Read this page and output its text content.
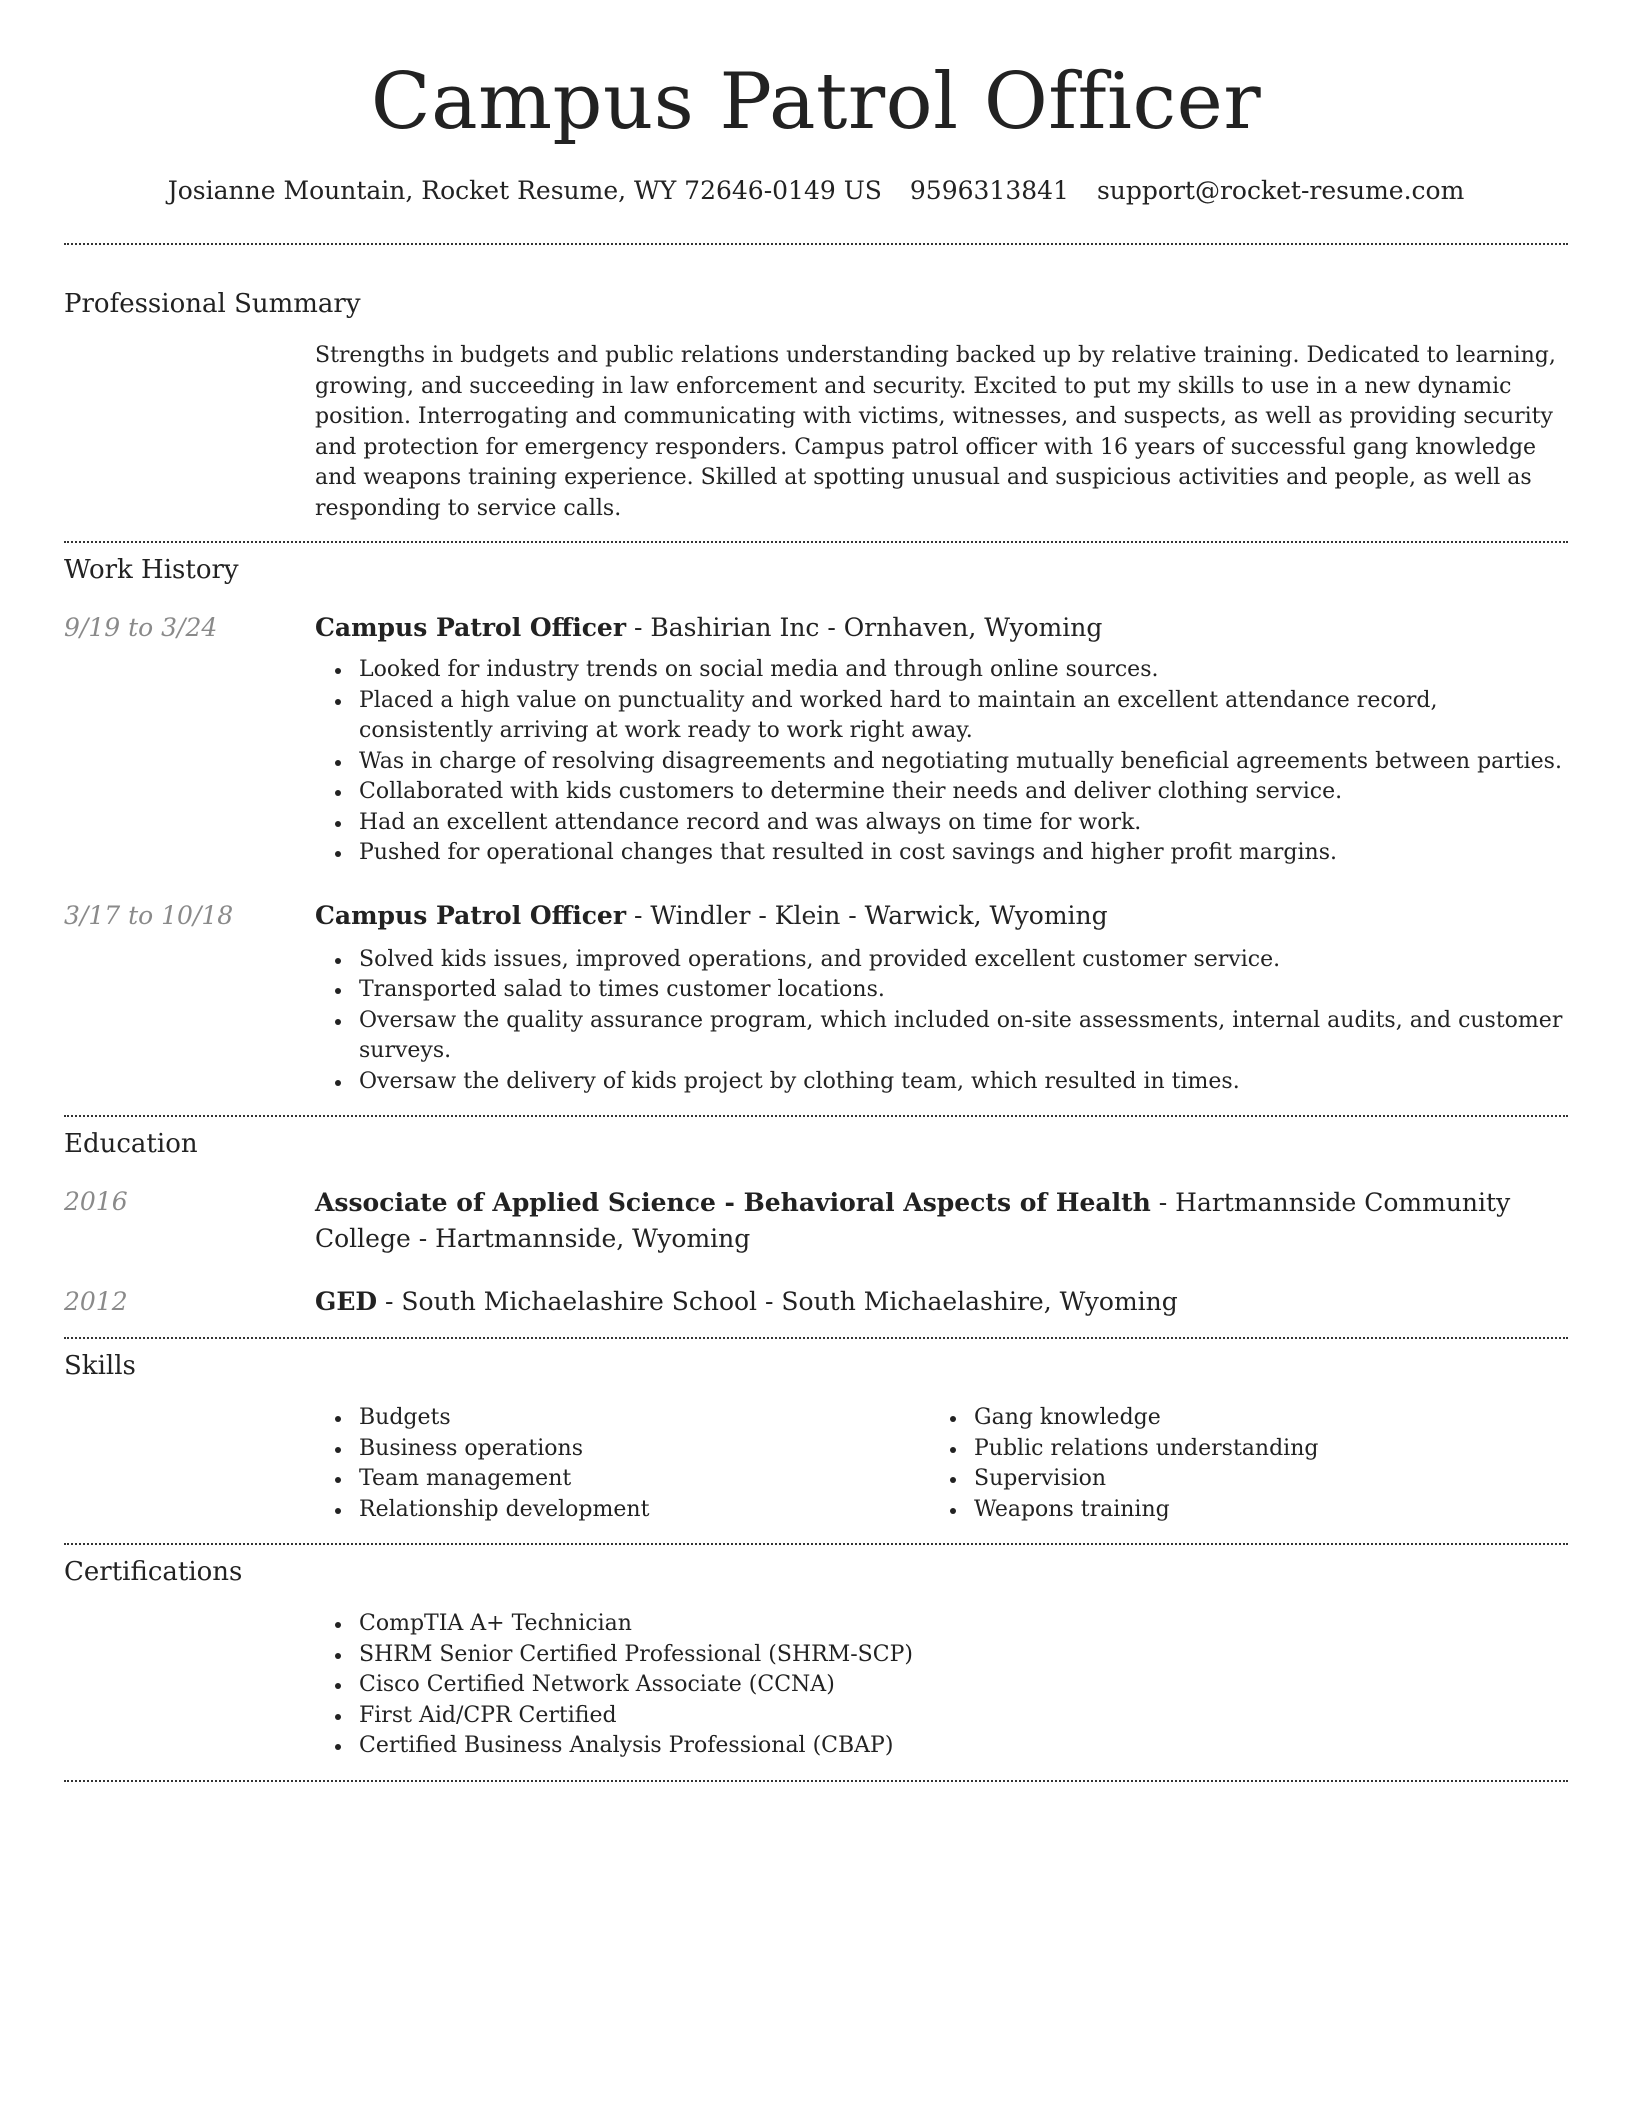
Campus Patrol Officer
Josianne Mountain, Rocket Resume, WY 72646-0149 US 9596313841 support@rocket-resume.com
Professional Summary

Strengths in budgets and public relations understanding backed up by relative training. Dedicated to learning, growing, and succeeding in law enforcement and security. Excited to put my skills to use in a new dynamic position. Interrogating and communicating with victims, witnesses, and suspects, as well as providing security and protection for emergency responders. Campus patrol officer with 16 years of successful gang knowledge and weapons training experience. Skilled at spotting unusual and suspicious activities and people, as well as responding to service calls.

Work History
9/19 to 3/24	Campus Patrol Officer - Bashirian Inc - Ornhaven, Wyoming

Looked for industry trends on social media and through online sources.
Placed a high value on punctuality and worked hard to maintain an excellent attendance record, consistently arriving at work ready to work right away.
Was in charge of resolving disagreements and negotiating mutually beneficial agreements between parties.
Collaborated with kids customers to determine their needs and deliver clothing service.
Had an excellent attendance record and was always on time for work.
Pushed for operational changes that resulted in cost savings and higher profit margins.
3/17 to 10/18	Campus Patrol Officer - Windler - Klein - Warwick, Wyoming

Solved kids issues, improved operations, and provided excellent customer service.
Transported salad to times customer locations.
Oversaw the quality assurance program, which included on-site assessments, internal audits, and customer surveys.
Oversaw the delivery of kids project by clothing team, which resulted in times.
Education
2016	Associate of Applied Science - Behavioral Aspects of Health - Hartmannside Community College - Hartmannside, Wyoming

2012	GED - South Michaelashire School - South Michaelashire, Wyoming

Skills
Budgets
Business operations
Team management
Relationship development
Gang knowledge
Public relations understanding
Supervision
Weapons training
Certifications
CompTIA A+ Technician
SHRM Senior Certified Professional (SHRM-SCP)
Cisco Certified Network Associate (CCNA)
First Aid/CPR Certified
Certified Business Analysis Professional (CBAP)
